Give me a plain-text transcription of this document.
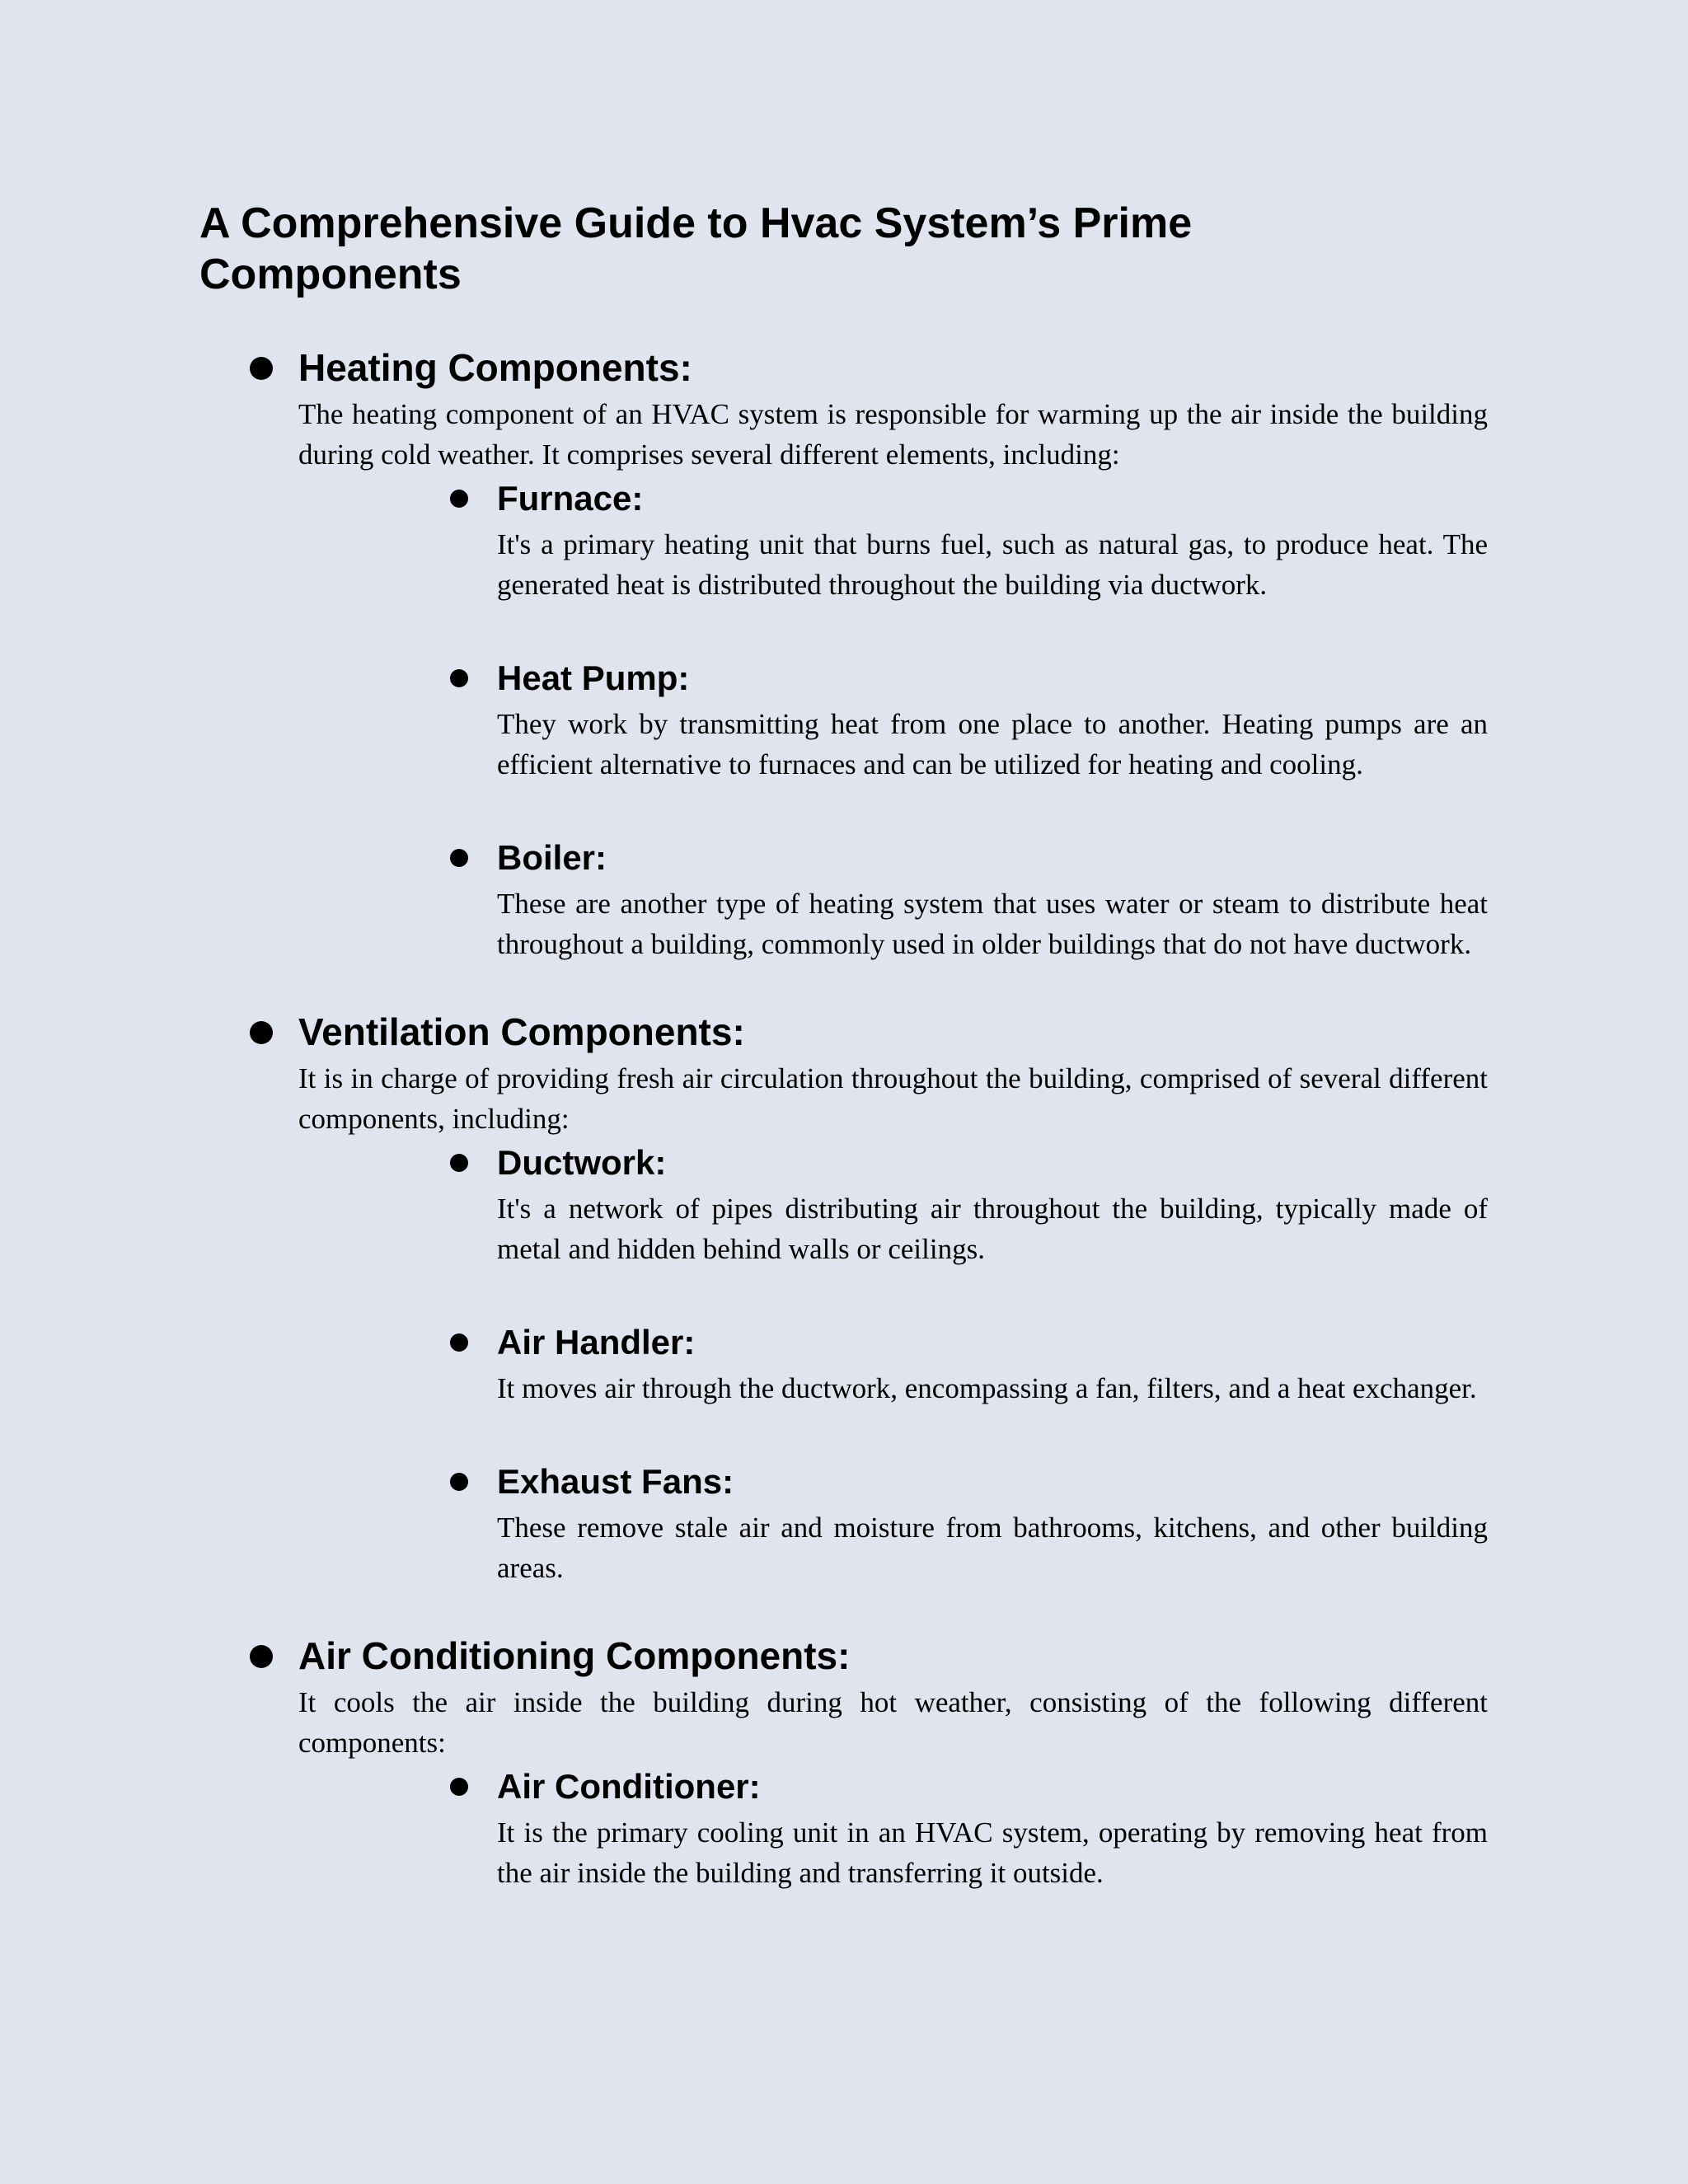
A Comprehensive Guide to Hvac System’s Prime Components
Heating Components:

The heating component of an HVAC system is responsible for warming up the air inside the building during cold weather. It comprises several different elements, including:

Furnace:

It's a primary heating unit that burns fuel, such as natural gas, to produce heat. The generated heat is distributed throughout the building via ductwork.

Heat Pump:

They work by transmitting heat from one place to another. Heating pumps are an efficient alternative to furnaces and can be utilized for heating and cooling.

Boiler:

These are another type of heating system that uses water or steam to distribute heat throughout a building, commonly used in older buildings that do not have ductwork.

Ventilation Components:

It is in charge of providing fresh air circulation throughout the building, comprised of several different components, including:

Ductwork:

It's a network of pipes distributing air throughout the building, typically made of metal and hidden behind walls or ceilings.

Air Handler:

It moves air through the ductwork, encompassing a fan, filters, and a heat exchanger.

Exhaust Fans:

These remove stale air and moisture from bathrooms, kitchens, and other building areas.

Air Conditioning Components:

It cools the air inside the building during hot weather, consisting of the following different components:

Air Conditioner:

It is the primary cooling unit in an HVAC system, operating by removing heat from the air inside the building and transferring it outside.
